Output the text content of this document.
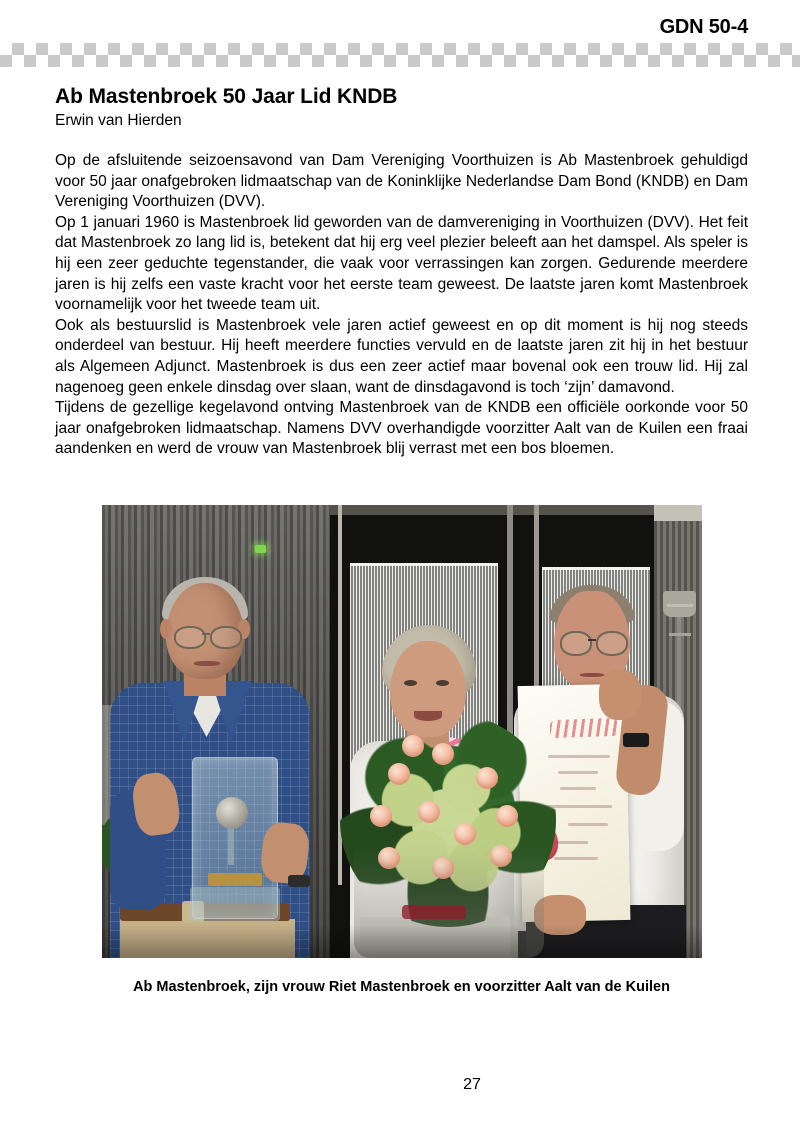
GDN 50-4
Ab Mastenbroek 50 Jaar Lid KNDB
Erwin van Hierden

Op de afsluitende seizoensavond van Dam Vereniging Voorthuizen is Ab Mastenbroek gehuldigd voor 50 jaar onafgebroken lidmaatschap van de Koninklijke Nederlandse Dam Bond (KNDB) en Dam Vereniging Voorthuizen (DVV).

Op 1 januari 1960 is Mastenbroek lid geworden van de damvereniging in Voorthuizen (DVV). Het feit dat Mastenbroek zo lang lid is, betekent dat hij erg veel plezier beleeft aan het damspel. Als speler is hij een zeer geduchte tegenstander, die vaak voor verrassingen kan zorgen. Gedurende meerdere jaren is hij zelfs een vaste kracht voor het eerste team geweest. De laatste jaren komt Mastenbroek voornamelijk voor het tweede team uit.

Ook als bestuurslid is Mastenbroek vele jaren actief geweest en op dit moment is hij nog steeds onderdeel van bestuur. Hij heeft meerdere functies vervuld en de laatste jaren zit hij in het bestuur als Algemeen Adjunct. Mastenbroek is dus een zeer actief maar bovenal ook een trouw lid. Hij zal nagenoeg geen enkele dinsdag over slaan, want de dinsdagavond is toch ‘zijn’ damavond.

Tijdens de gezellige kegelavond ontving Mastenbroek van de KNDB een officiële oorkonde voor 50 jaar onafgebroken lidmaatschap. Namens DVV overhandigde voorzitter Aalt van de Kuilen een fraai aandenken en werd de vrouw van Mastenbroek blij verrast met een bos bloemen.

Ab Mastenbroek, zijn vrouw Riet Mastenbroek en voorzitter Aalt van de Kuilen
27
